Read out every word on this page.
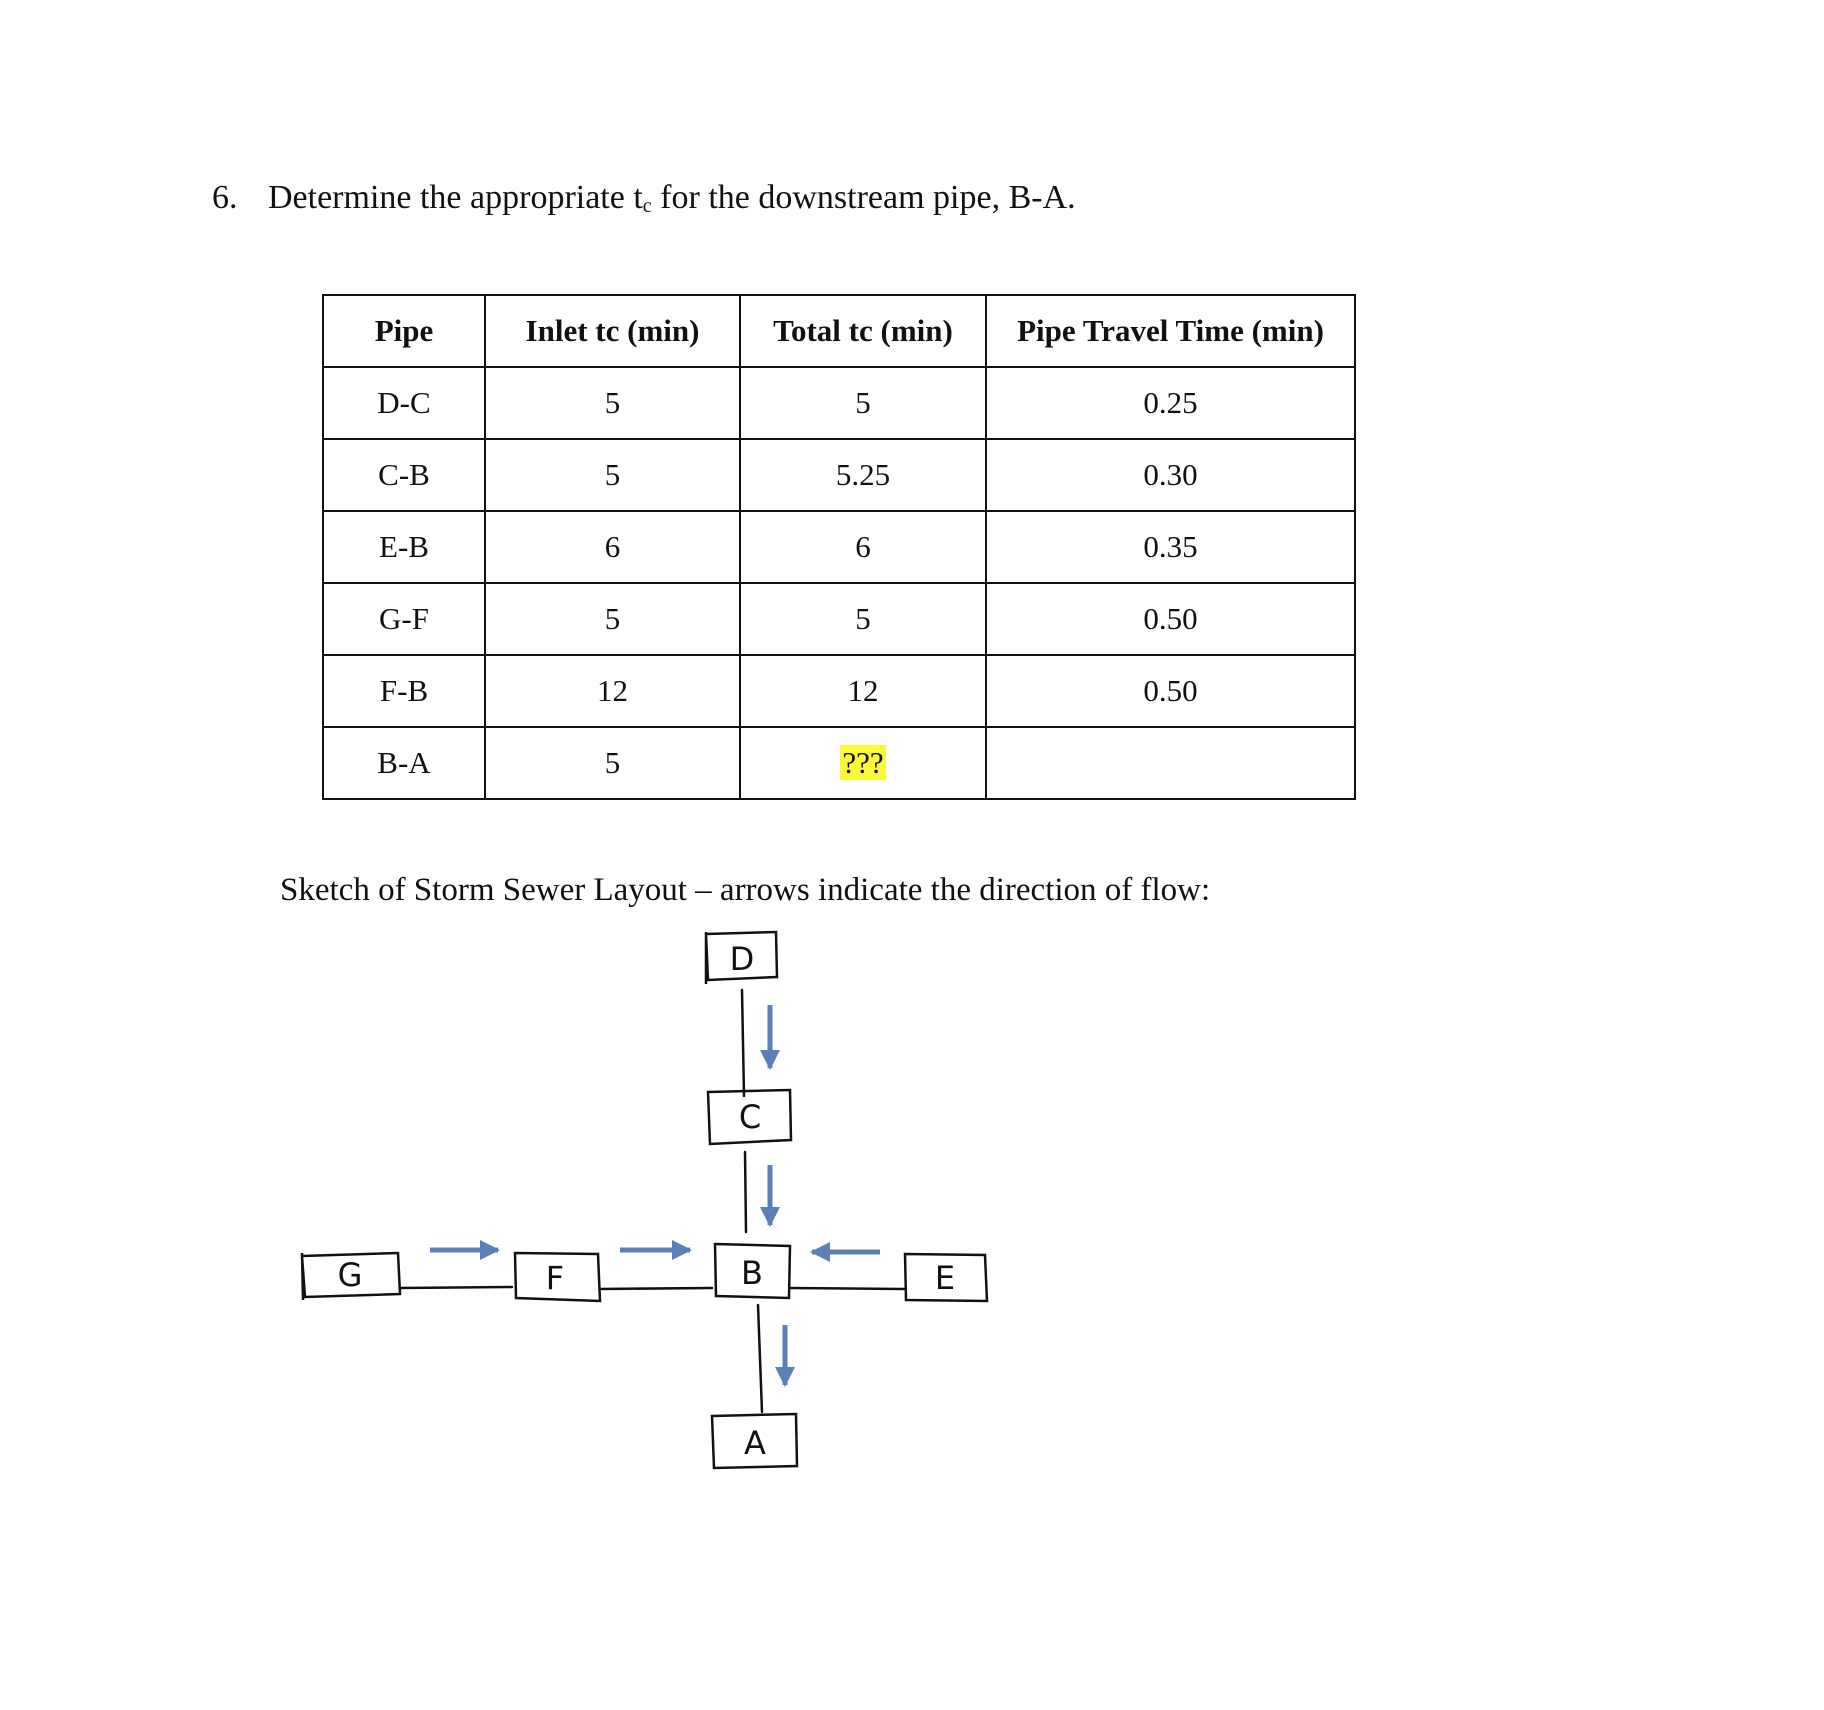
6. Determine the appropriate $t_c$ for the downstream pipe, B-A.
Pipe	Inlet tc (min)	Total tc (min)	Pipe Travel Time (min)
D-C	5	5	0.25
C-B	5	5.25	0.30
E-B	6	6	0.35
G-F	5	5	0.50
F-B	12	12	0.50
B-A	5	???	
Sketch of Storm Sewer Layout – arrows indicate the direction of flow:
D
C
B
A
G	F	E
